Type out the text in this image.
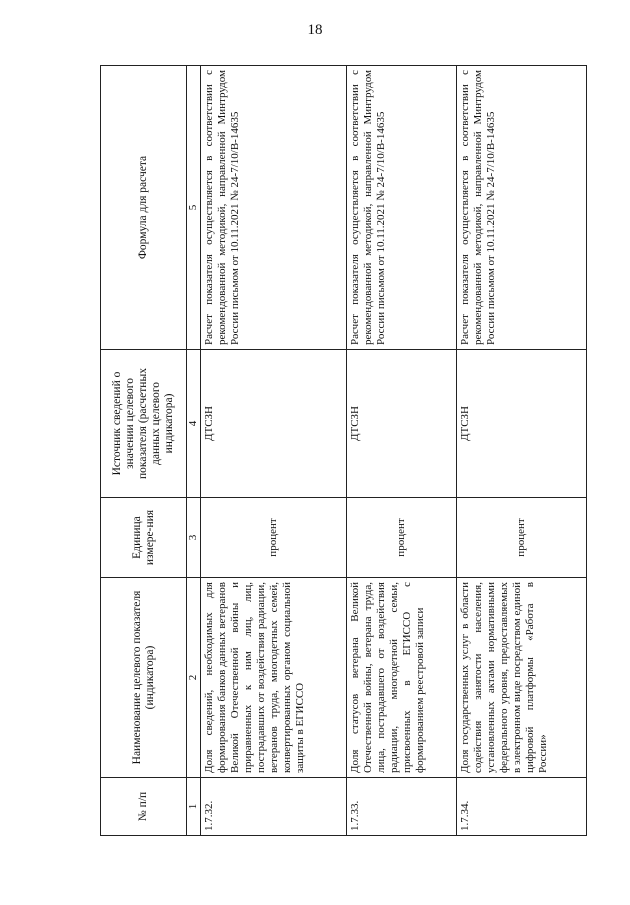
18
№ п/п	Наименование целевого показателя (индикатора)	Единица измере-ния	Источник сведений о значении целевого показателя (расчетных данных целевого индикатора)	Формула для расчета
1	2	3	4	5
1.7.32.	Доля сведений, необходимых для формирования банков данных ветеранов Великой Отечественной войны и приравненных к ним лиц, лиц, пострадавших от воздействия радиации, ветеранов труда, многодетных семей, конвертированных органом социальной защиты в ЕГИССО	процент	ДТСЗН	Расчет показателя осуществляется в соответствии с рекомендованной методикой, направленной Минтрудом России письмом от 10.11.2021 № 24-7/10/В-14635
1.7.33.	Доля статусов ветерана Великой Отечественной войны, ветерана труда, лица, пострадавшего от воздействия радиации, многодетной семьи, присвоенных в ЕГИССО с формированием реестровой записи	процент	ДТСЗН	Расчет показателя осуществляется в соответствии с рекомендованной методикой, направленной Минтрудом России письмом от 10.11.2021 № 24-7/10/В-14635
1.7.34.	Доля государственных услуг в области содействия занятости населения, установленных актами нормативными федерального уровня, предоставляемых в электронном виде посредством единой цифровой платформы «Работа в России»	процент	ДТСЗН	Расчет показателя осуществляется в соответствии с рекомендованной методикой, направленной Минтрудом России письмом от 10.11.2021 № 24-7/10/В-14635
